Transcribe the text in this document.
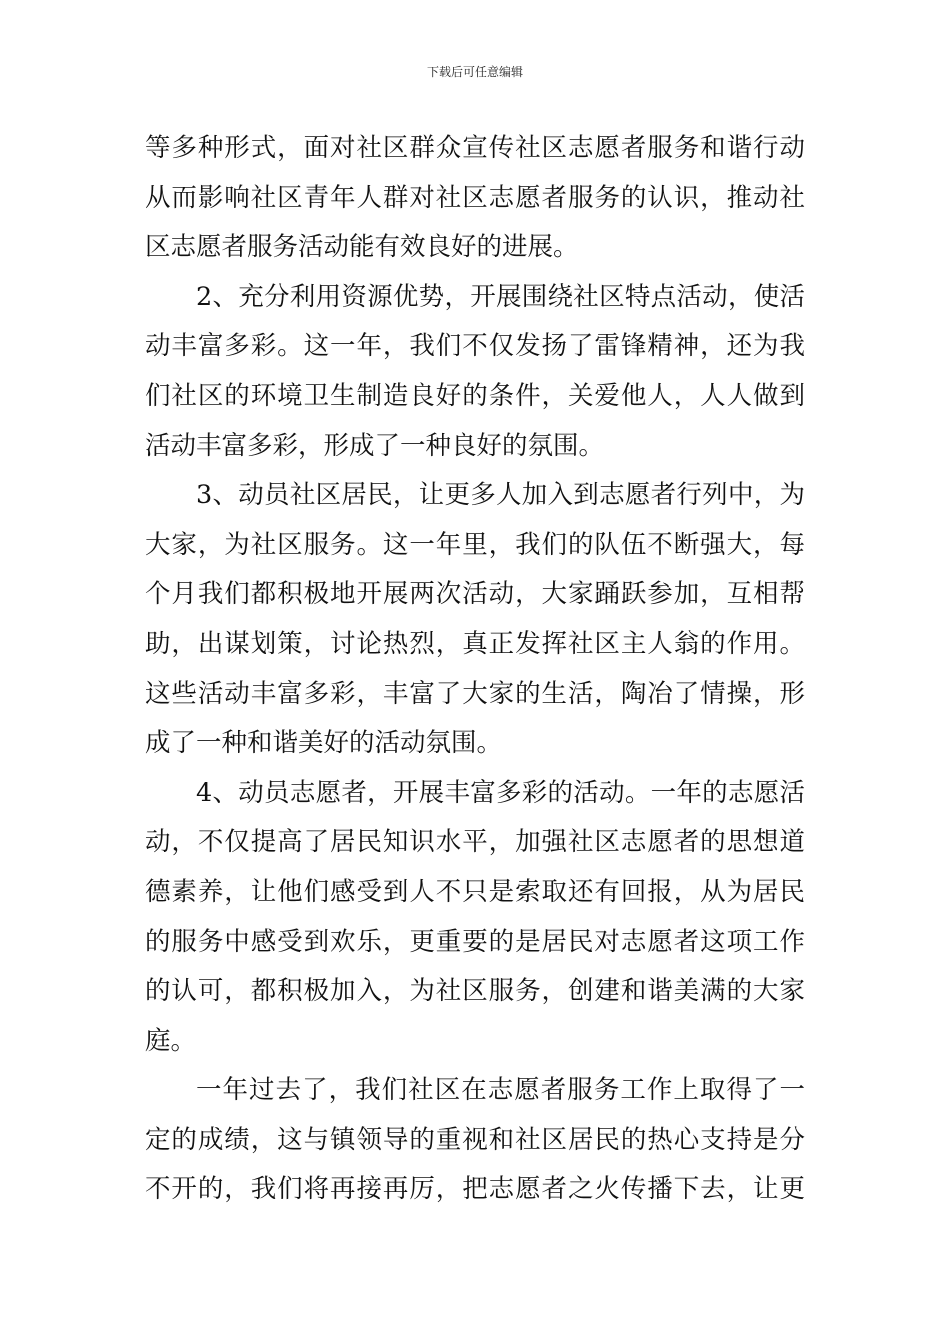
下载后可任意编辑
等多种形式，面对社区群众宣传社区志愿者服务和谐行动
从而影响社区青年人群对社区志愿者服务的认识，推动社
区志愿者服务活动能有效良好的进展。
2、充分利用资源优势，开展围绕社区特点活动，使活
动丰富多彩。这一年，我们不仅发扬了雷锋精神，还为我
们社区的环境卫生制造良好的条件，关爱他人，人人做到
活动丰富多彩，形成了一种良好的氛围。
3、动员社区居民，让更多人加入到志愿者行列中，为
大家，为社区服务。这一年里，我们的队伍不断强大，每
个月我们都积极地开展两次活动，大家踊跃参加，互相帮
助，出谋划策，讨论热烈，真正发挥社区主人翁的作用。
这些活动丰富多彩，丰富了大家的生活，陶冶了情操，形
成了一种和谐美好的活动氛围。
4、动员志愿者，开展丰富多彩的活动。一年的志愿活
动，不仅提高了居民知识水平，加强社区志愿者的思想道
德素养，让他们感受到人不只是索取还有回报，从为居民
的服务中感受到欢乐，更重要的是居民对志愿者这项工作
的认可，都积极加入，为社区服务，创建和谐美满的大家
庭。
一年过去了，我们社区在志愿者服务工作上取得了一
定的成绩，这与镇领导的重视和社区居民的热心支持是分
不开的，我们将再接再厉，把志愿者之火传播下去，让更
